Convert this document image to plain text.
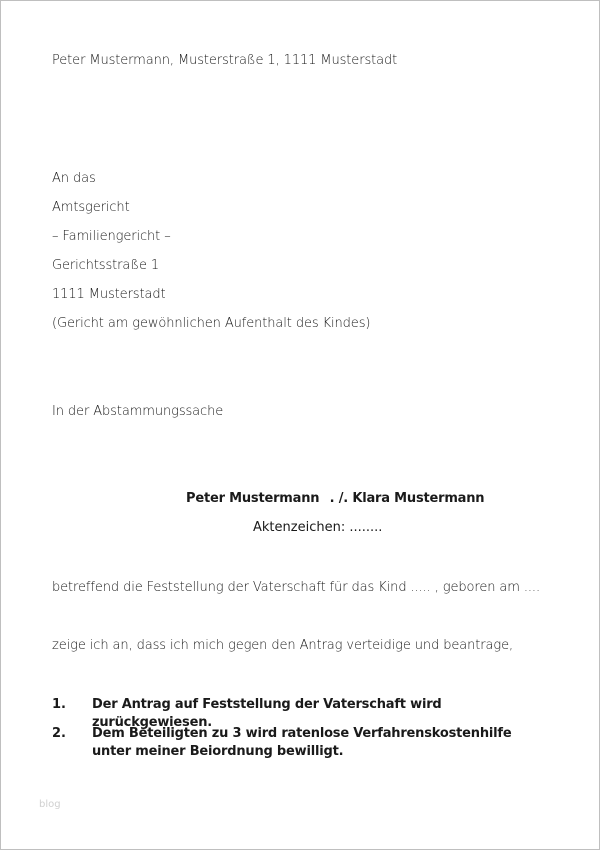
Peter Mustermann, Musterstraße 1, 1111 Musterstadt
An das
Amtsgericht
– Familiengericht –
Gerichtsstraße 1
1111 Musterstadt
(Gericht am gewöhnlichen Aufenthalt des Kindes)
In der Abstammungssache
Peter Mustermann . /. Klara Mustermann
Aktenzeichen: ........
betreffend die Feststellung der Vaterschaft für das Kind ..... , geboren am ....
zeige ich an, dass ich mich gegen den Antrag verteidige und beantrage,
1. Der Antrag auf Feststellung der Vaterschaft wird zurückgewiesen.
2. Dem Beteiligten zu 3 wird ratenlose Verfahrenskostenhilfe unter meiner Beiordnung bewilligt.
blog
